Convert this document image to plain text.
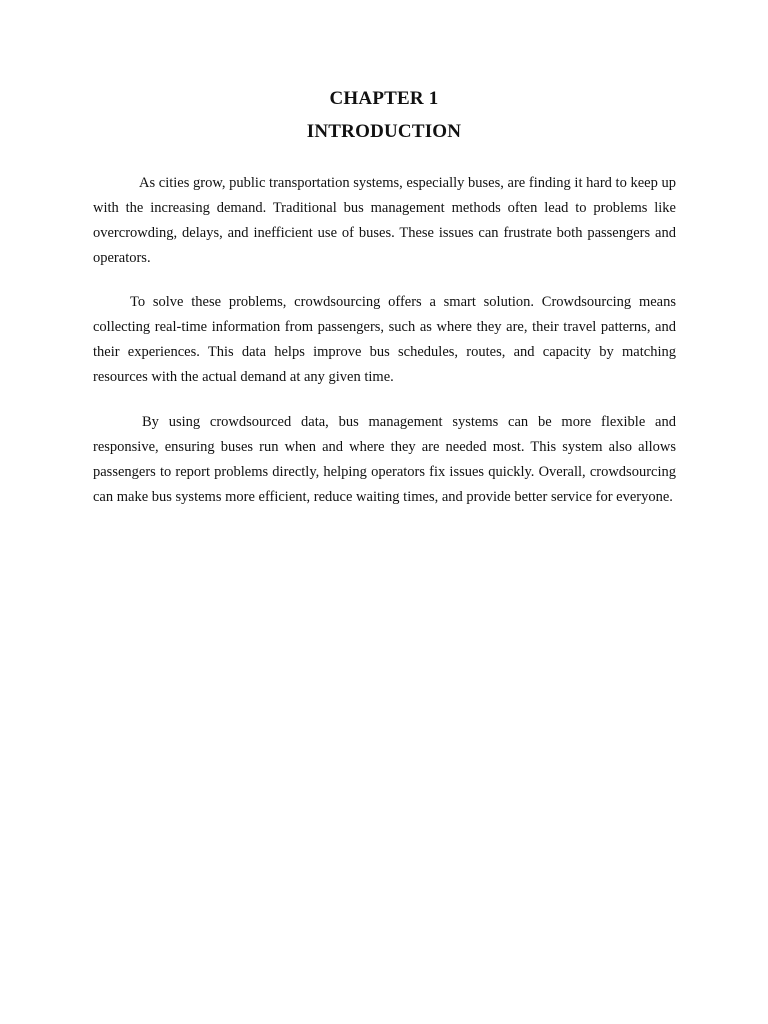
CHAPTER 1
INTRODUCTION

As cities grow, public transportation systems, especially buses, are finding it hard to keep up with the increasing demand. Traditional bus management methods often lead to problems like overcrowding, delays, and inefficient use of buses. These issues can frustrate both passengers and operators.

To solve these problems, crowdsourcing offers a smart solution. Crowdsourcing means collecting real-time information from passengers, such as where they are, their travel patterns, and their experiences. This data helps improve bus schedules, routes, and capacity by matching resources with the actual demand at any given time.

By using crowdsourced data, bus management systems can be more flexible and responsive, ensuring buses run when and where they are needed most. This system also allows passengers to report problems directly, helping operators fix issues quickly. Overall, crowdsourcing can make bus systems more efficient, reduce waiting times, and provide better service for everyone.
